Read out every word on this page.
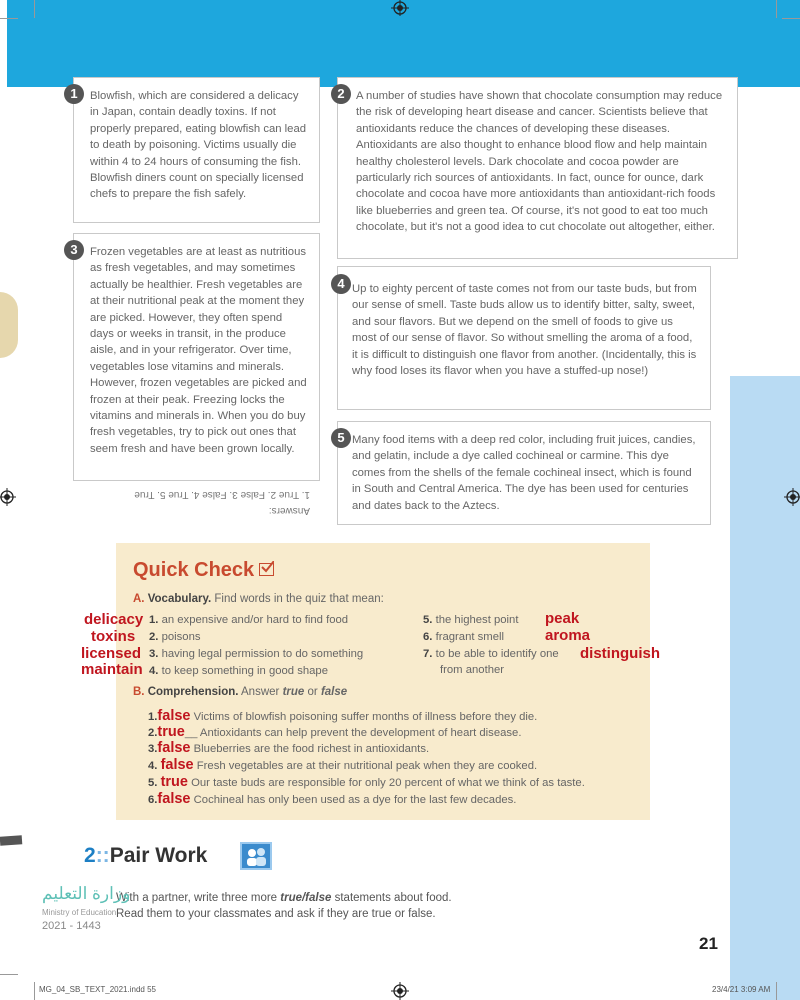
Blowfish, which are considered a delicacy in Japan, contain deadly toxins. If not properly prepared, eating blowfish can lead to death by poisoning. Victims usually die within 4 to 24 hours of consuming the fish. Blowfish diners count on specially licensed chefs to prepare the fish safely.
1	A number of studies have shown that chocolate consumption may reduce the risk of developing heart disease and cancer. Scientists believe that antioxidants reduce the chances of developing these diseases. Antioxidants are also thought to enhance blood flow and help maintain healthy cholesterol levels. Dark chocolate and cocoa powder are particularly rich sources of antioxidants. In fact, ounce for ounce, dark chocolate and cocoa have more antioxidants than antioxidant-rich foods like blueberries and green tea. Of course, it's not good to eat too much chocolate, but it's not a good idea to cut chocolate out altogether, either.
2
Frozen vegetables are at least as nutritious as fresh vegetables, and may sometimes actually be healthier. Fresh vegetables are at their nutritional peak at the moment they are picked. However, they often spend days or weeks in transit, in the produce aisle, and in your refrigerator. Over time, vegetables lose vitamins and minerals. However, frozen vegetables are picked and frozen at their peak. Freezing locks the vitamins and minerals in. When you do buy fresh vegetables, try to pick out ones that seem fresh and have been grown locally.
3
Answers:
1. True 2. False 3. False 4. True 5. True
Up to eighty percent of taste comes not from our taste buds, but from our sense of smell. Taste buds allow us to identify bitter, salty, sweet, and sour flavors. But we depend on the smell of foods to give us most of our sense of flavor. So without smelling the aroma of a food, it is difficult to distinguish one flavor from another. (Incidentally, this is why food loses its flavor when you have a stuffed-up nose!)
4
Many food items with a deep red color, including fruit juices, candies, and gelatin, include a dye called cochineal or carmine. This dye comes from the shells of the female cochineal insect, which is found in South and Central America. The dye has been used for centuries and dates back to the Aztecs.
5
Quick Check
A. Vocabulary. Find words in the quiz that mean:
1. an expensive and/or hard to find food
2. poisons
3. having legal permission to do something
4. to keep something in good shape
delicacy
toxins
licensed
maintain
5. the highest point
6. fragrant smell
7. to be able to identify one
from another
peak
aroma
distinguish
B. Comprehension. Answer true or false
1.false Victims of blowfish poisoning suffer months of illness before they die.
2.true__ Antioxidants can help prevent the development of heart disease.
3.false Blueberries are the food richest in antioxidants.
4. false Fresh vegetables are at their nutritional peak when they are cooked.
5. true Our taste buds are responsible for only 20 percent of what we think of as taste.
6.false Cochineal has only been used as a dye for the last few decades.
2::Pair Work
With a partner, write three more true/false statements about food.
Read them to your classmates and ask if they are true or false.
وزارة التعليم
Ministry of Education
2021 - 1443
21
MG_04_SB_TEXT_2021.indd 55	23/4/21 3:09 AM
